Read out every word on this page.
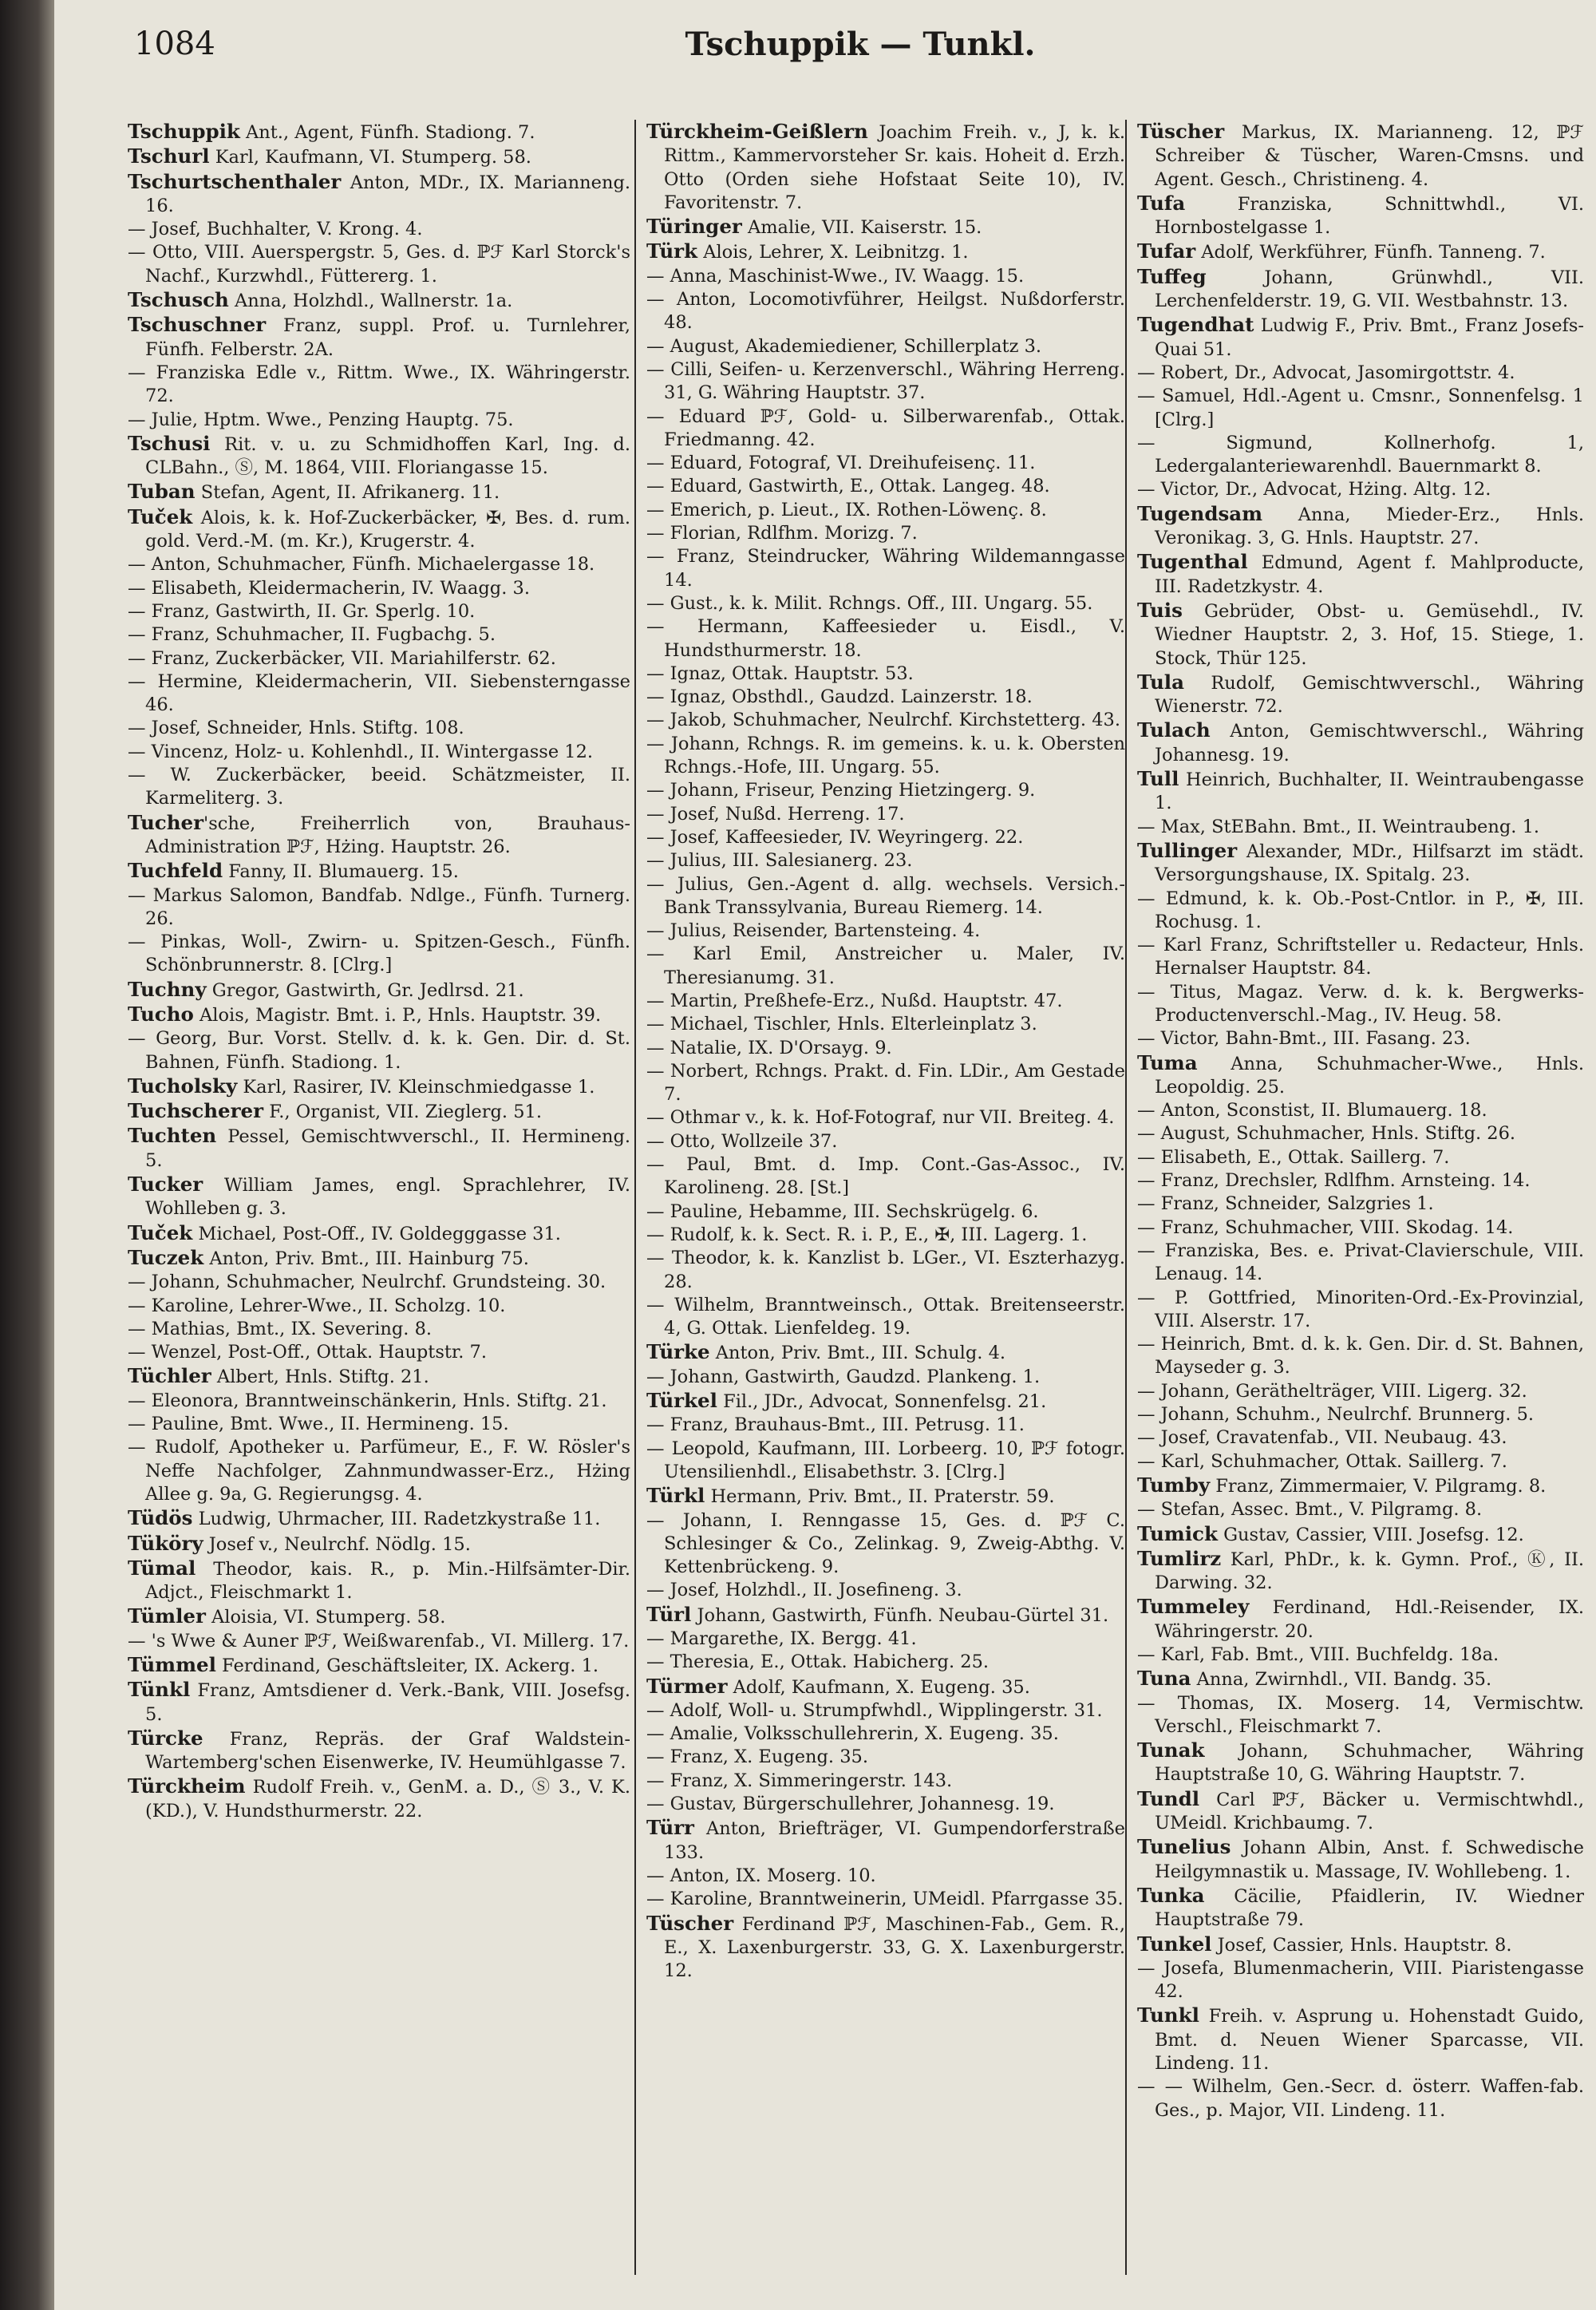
1084	Tschuppik — Tunkl.

Tschuppik Ant., Agent, Fünfh. Stadiong. 7.

Tschurl Karl, Kaufmann, VI. Stumperg. 58.

Tschurtschenthaler Anton, MDr., IX. Marianneng. 16.

— Josef, Buchhalter, V. Krong. 4.

— Otto, VIII. Auerspergstr. 5, Ges. d. ℙℱ Karl Storck's Nachf., Kurzwhdl., Füttererg. 1.

Tschusch Anna, Holzhdl., Wallnerstr. 1a.

Tschuschner Franz, suppl. Prof. u. Turnlehrer, Fünfh. Felberstr. 2A.

— Franziska Edle v., Rittm. Wwe., IX. Währingerstr. 72.

— Julie, Hptm. Wwe., Penzing Hauptg. 75.

Tschusi Rit. v. u. zu Schmidhoffen Karl, Ing. d. CLBahn., Ⓢ, M. 1864, VIII. Floriangasse 15.

Tuban Stefan, Agent, II. Afrikanerg. 11.

Tuček Alois, k. k. Hof-Zuckerbäcker, ✠, Bes. d. rum. gold. Verd.-M. (m. Kr.), Krugerstr. 4.

— Anton, Schuhmacher, Fünfh. Michaelergasse 18.

— Elisabeth, Kleidermacherin, IV. Waagg. 3.

— Franz, Gastwirth, II. Gr. Sperlg. 10.

— Franz, Schuhmacher, II. Fugbachg. 5.

— Franz, Zuckerbäcker, VII. Mariahilferstr. 62.

— Hermine, Kleidermacherin, VII. Siebensterngasse 46.

— Josef, Schneider, Hnls. Stiftg. 108.

— Vincenz, Holz- u. Kohlenhdl., II. Wintergasse 12.

— W. Zuckerbäcker, beeid. Schätzmeister, II. Karmeliterg. 3.

Tucher'sche, Freiherrlich von, Brauhaus-Administration ℙℱ, Hżing. Hauptstr. 26.

Tuchfeld Fanny, II. Blumauerg. 15.

— Markus Salomon, Bandfab. Ndlge., Fünfh. Turnerg. 26.

— Pinkas, Woll-, Zwirn- u. Spitzen-Gesch., Fünfh. Schönbrunnerstr. 8. [Clrg.]

Tuchny Gregor, Gastwirth, Gr. Jedlrsd. 21.

Tucho Alois, Magistr. Bmt. i. P., Hnls. Hauptstr. 39.

— Georg, Bur. Vorst. Stellv. d. k. k. Gen. Dir. d. St. Bahnen, Fünfh. Stadiong. 1.

Tucholsky Karl, Rasirer, IV. Kleinschmiedgasse 1.

Tuchscherer F., Organist, VII. Zieglerg. 51.

Tuchten Pessel, Gemischtwverschl., II. Hermineng. 5.

Tucker William James, engl. Sprachlehrer, IV. Wohlleben g. 3.

Tuček Michael, Post-Off., IV. Goldegggasse 31.

Tuczek Anton, Priv. Bmt., III. Hainburg 75.

— Johann, Schuhmacher, Neulrchf. Grundsteing. 30.

— Karoline, Lehrer-Wwe., II. Scholzg. 10.

— Mathias, Bmt., IX. Severing. 8.

— Wenzel, Post-Off., Ottak. Hauptstr. 7.

Tüchler Albert, Hnls. Stiftg. 21.

— Eleonora, Branntweinschänkerin, Hnls. Stiftg. 21.

— Pauline, Bmt. Wwe., II. Hermineng. 15.

— Rudolf, Apotheker u. Parfümeur, E., F. W. Rösler's Neffe Nachfolger, Zahnmundwasser-Erz., Hżing Allee g. 9a, G. Regierungsg. 4.

Tüdös Ludwig, Uhrmacher, III. Radetzkystraße 11.

Tüköry Josef v., Neulrchf. Nödlg. 15.

Tümal Theodor, kais. R., p. Min.-Hilfsämter-Dir. Adjct., Fleischmarkt 1.

Tümler Aloisia, VI. Stumperg. 58.

— 's Wwe & Auner ℙℱ, Weißwarenfab., VI. Millerg. 17.

Tümmel Ferdinand, Geschäftsleiter, IX. Ackerg. 1.

Tünkl Franz, Amtsdiener d. Verk.-Bank, VIII. Josefsg. 5.

Türcke Franz, Repräs. der Graf Waldstein-Wartemberg'schen Eisenwerke, IV. Heumühlgasse 7.

Türckheim Rudolf Freih. v., GenM. a. D., Ⓢ 3., V. K. (KD.), V. Hundsthurmerstr. 22.

Türckheim-Geißlern Joachim Freih. v., J, k. k. Rittm., Kammervorsteher Sr. kais. Hoheit d. Erzh. Otto (Orden siehe Hofstaat Seite 10), IV. Favoritenstr. 7.

Türinger Amalie, VII. Kaiserstr. 15.

Türk Alois, Lehrer, X. Leibnitzg. 1.

— Anna, Maschinist-Wwe., IV. Waagg. 15.

— Anton, Locomotivführer, Heilgst. Nußdorferstr. 48.

— August, Akademiediener, Schillerplatz 3.

— Cilli, Seifen- u. Kerzenverschl., Währing Herreng. 31, G. Währing Hauptstr. 37.

— Eduard ℙℱ, Gold- u. Silberwarenfab., Ottak. Friedmanng. 42.

— Eduard, Fotograf, VI. Dreihufeisenç. 11.

— Eduard, Gastwirth, E., Ottak. Langeg. 48.

— Emerich, p. Lieut., IX. Rothen-Löwenç. 8.

— Florian, Rdlfhm. Morizg. 7.

— Franz, Steindrucker, Währing Wildemanngasse 14.

— Gust., k. k. Milit. Rchngs. Off., III. Ungarg. 55.

— Hermann, Kaffeesieder u. Eisdl., V. Hundsthurmerstr. 18.

— Ignaz, Ottak. Hauptstr. 53.

— Ignaz, Obsthdl., Gaudzd. Lainzerstr. 18.

— Jakob, Schuhmacher, Neulrchf. Kirchstetterg. 43.

— Johann, Rchngs. R. im gemeins. k. u. k. Obersten Rchngs.-Hofe, III. Ungarg. 55.

— Johann, Friseur, Penzing Hietzingerg. 9.

— Josef, Nußd. Herreng. 17.

— Josef, Kaffeesieder, IV. Weyringerg. 22.

— Julius, III. Salesianerg. 23.

— Julius, Gen.-Agent d. allg. wechsels. Versich.-Bank Transsylvania, Bureau Riemerg. 14.

— Julius, Reisender, Bartensteing. 4.

— Karl Emil, Anstreicher u. Maler, IV. Theresianumg. 31.

— Martin, Preßhefe-Erz., Nußd. Hauptstr. 47.

— Michael, Tischler, Hnls. Elterleinplatz 3.

— Natalie, IX. D'Orsayg. 9.

— Norbert, Rchngs. Prakt. d. Fin. LDir., Am Gestade 7.

— Othmar v., k. k. Hof-Fotograf, nur VII. Breiteg. 4.

— Otto, Wollzeile 37.

— Paul, Bmt. d. Imp. Cont.-Gas-Assoc., IV. Karolineng. 28. [St.]

— Pauline, Hebamme, III. Sechskrügelg. 6.

— Rudolf, k. k. Sect. R. i. P., E., ✠, III. Lagerg. 1.

— Theodor, k. k. Kanzlist b. LGer., VI. Eszterhazyg. 28.

— Wilhelm, Branntweinsch., Ottak. Breitenseerstr. 4, G. Ottak. Lienfeldeg. 19.

Türke Anton, Priv. Bmt., III. Schulg. 4.

— Johann, Gastwirth, Gaudzd. Plankeng. 1.

Türkel Fil., JDr., Advocat, Sonnenfelsg. 21.

— Franz, Brauhaus-Bmt., III. Petrusg. 11.

— Leopold, Kaufmann, III. Lorbeerg. 10, ℙℱ fotogr. Utensilienhdl., Elisabethstr. 3. [Clrg.]

Türkl Hermann, Priv. Bmt., II. Praterstr. 59.

— Johann, I. Renngasse 15, Ges. d. ℙℱ C. Schlesinger & Co., Zelinkag. 9, Zweig-Abthg. V. Kettenbrückeng. 9.

— Josef, Holzhdl., II. Josefineng. 3.

Türl Johann, Gastwirth, Fünfh. Neubau-Gürtel 31.

— Margarethe, IX. Bergg. 41.

— Theresia, E., Ottak. Habicherg. 25.

Türmer Adolf, Kaufmann, X. Eugeng. 35.

— Adolf, Woll- u. Strumpfwhdl., Wipplingerstr. 31.

— Amalie, Volksschullehrerin, X. Eugeng. 35.

— Franz, X. Eugeng. 35.

— Franz, X. Simmeringerstr. 143.

— Gustav, Bürgerschullehrer, Johannesg. 19.

Türr Anton, Briefträger, VI. Gumpendorferstraße 133.

— Anton, IX. Moserg. 10.

— Karoline, Branntweinerin, UMeidl. Pfarrgasse 35.

Tüscher Ferdinand ℙℱ, Maschinen-Fab., Gem. R., E., X. Laxenburgerstr. 33, G. X. Laxenburgerstr. 12.

Tüscher Markus, IX. Marianneng. 12, ℙℱ Schreiber & Tüscher, Waren-Cmsns. und Agent. Gesch., Christineng. 4.

Tufa Franziska, Schnittwhdl., VI. Hornbostelgasse 1.

Tufar Adolf, Werkführer, Fünfh. Tanneng. 7.

Tuffeg Johann, Grünwhdl., VII. Lerchenfelderstr. 19, G. VII. Westbahnstr. 13.

Tugendhat Ludwig F., Priv. Bmt., Franz Josefs-Quai 51.

— Robert, Dr., Advocat, Jasomirgottstr. 4.

— Samuel, Hdl.-Agent u. Cmsnr., Sonnenfelsg. 1 [Clrg.]

— Sigmund, Kollnerhofg. 1, Ledergalanteriewarenhdl. Bauernmarkt 8.

— Victor, Dr., Advocat, Hżing. Altg. 12.

Tugendsam Anna, Mieder-Erz., Hnls. Veronikag. 3, G. Hnls. Hauptstr. 27.

Tugenthal Edmund, Agent f. Mahlproducte, III. Radetzkystr. 4.

Tuis Gebrüder, Obst- u. Gemüsehdl., IV. Wiedner Hauptstr. 2, 3. Hof, 15. Stiege, 1. Stock, Thür 125.

Tula Rudolf, Gemischtwverschl., Währing Wienerstr. 72.

Tulach Anton, Gemischtwverschl., Währing Johannesg. 19.

Tull Heinrich, Buchhalter, II. Weintraubengasse 1.

— Max, StEBahn. Bmt., II. Weintraubeng. 1.

Tullinger Alexander, MDr., Hilfsarzt im städt. Versorgungshause, IX. Spitalg. 23.

— Edmund, k. k. Ob.-Post-Cntlor. in P., ✠, III. Rochusg. 1.

— Karl Franz, Schriftsteller u. Redacteur, Hnls. Hernalser Hauptstr. 84.

— Titus, Magaz. Verw. d. k. k. Bergwerks-Productenverschl.-Mag., IV. Heug. 58.

— Victor, Bahn-Bmt., III. Fasang. 23.

Tuma Anna, Schuhmacher-Wwe., Hnls. Leopoldig. 25.

— Anton, Sconstist, II. Blumauerg. 18.

— August, Schuhmacher, Hnls. Stiftg. 26.

— Elisabeth, E., Ottak. Saillerg. 7.

— Franz, Drechsler, Rdlfhm. Arnsteing. 14.

— Franz, Schneider, Salzgries 1.

— Franz, Schuhmacher, VIII. Skodag. 14.

— Franziska, Bes. e. Privat-Clavierschule, VIII. Lenaug. 14.

— P. Gottfried, Minoriten-Ord.-Ex-Provinzial, VIII. Alserstr. 17.

— Heinrich, Bmt. d. k. k. Gen. Dir. d. St. Bahnen, Mayseder g. 3.

— Johann, Geräthelträger, VIII. Ligerg. 32.

— Johann, Schuhm., Neulrchf. Brunnerg. 5.

— Josef, Cravatenfab., VII. Neubaug. 43.

— Karl, Schuhmacher, Ottak. Saillerg. 7.

Tumby Franz, Zimmermaier, V. Pilgramg. 8.

— Stefan, Assec. Bmt., V. Pilgramg. 8.

Tumick Gustav, Cassier, VIII. Josefsg. 12.

Tumlirz Karl, PhDr., k. k. Gymn. Prof., Ⓚ, II. Darwing. 32.

Tummeley Ferdinand, Hdl.-Reisender, IX. Währingerstr. 20.

— Karl, Fab. Bmt., VIII. Buchfeldg. 18a.

Tuna Anna, Zwirnhdl., VII. Bandg. 35.

— Thomas, IX. Moserg. 14, Vermischtw. Verschl., Fleischmarkt 7.

Tunak Johann, Schuhmacher, Währing Hauptstraße 10, G. Währing Hauptstr. 7.

Tundl Carl ℙℱ, Bäcker u. Vermischtwhdl., UMeidl. Krichbaumg. 7.

Tunelius Johann Albin, Anst. f. Schwedische Heilgymnastik u. Massage, IV. Wohllebeng. 1.

Tunka Cäcilie, Pfaidlerin, IV. Wiedner Hauptstraße 79.

Tunkel Josef, Cassier, Hnls. Hauptstr. 8.

— Josefa, Blumenmacherin, VIII. Piaristengasse 42.

Tunkl Freih. v. Asprung u. Hohenstadt Guido, Bmt. d. Neuen Wiener Sparcasse, VII. Lindeng. 11.

— — Wilhelm, Gen.-Secr. d. österr. Waffen-fab. Ges., p. Major, VII. Lindeng. 11.
